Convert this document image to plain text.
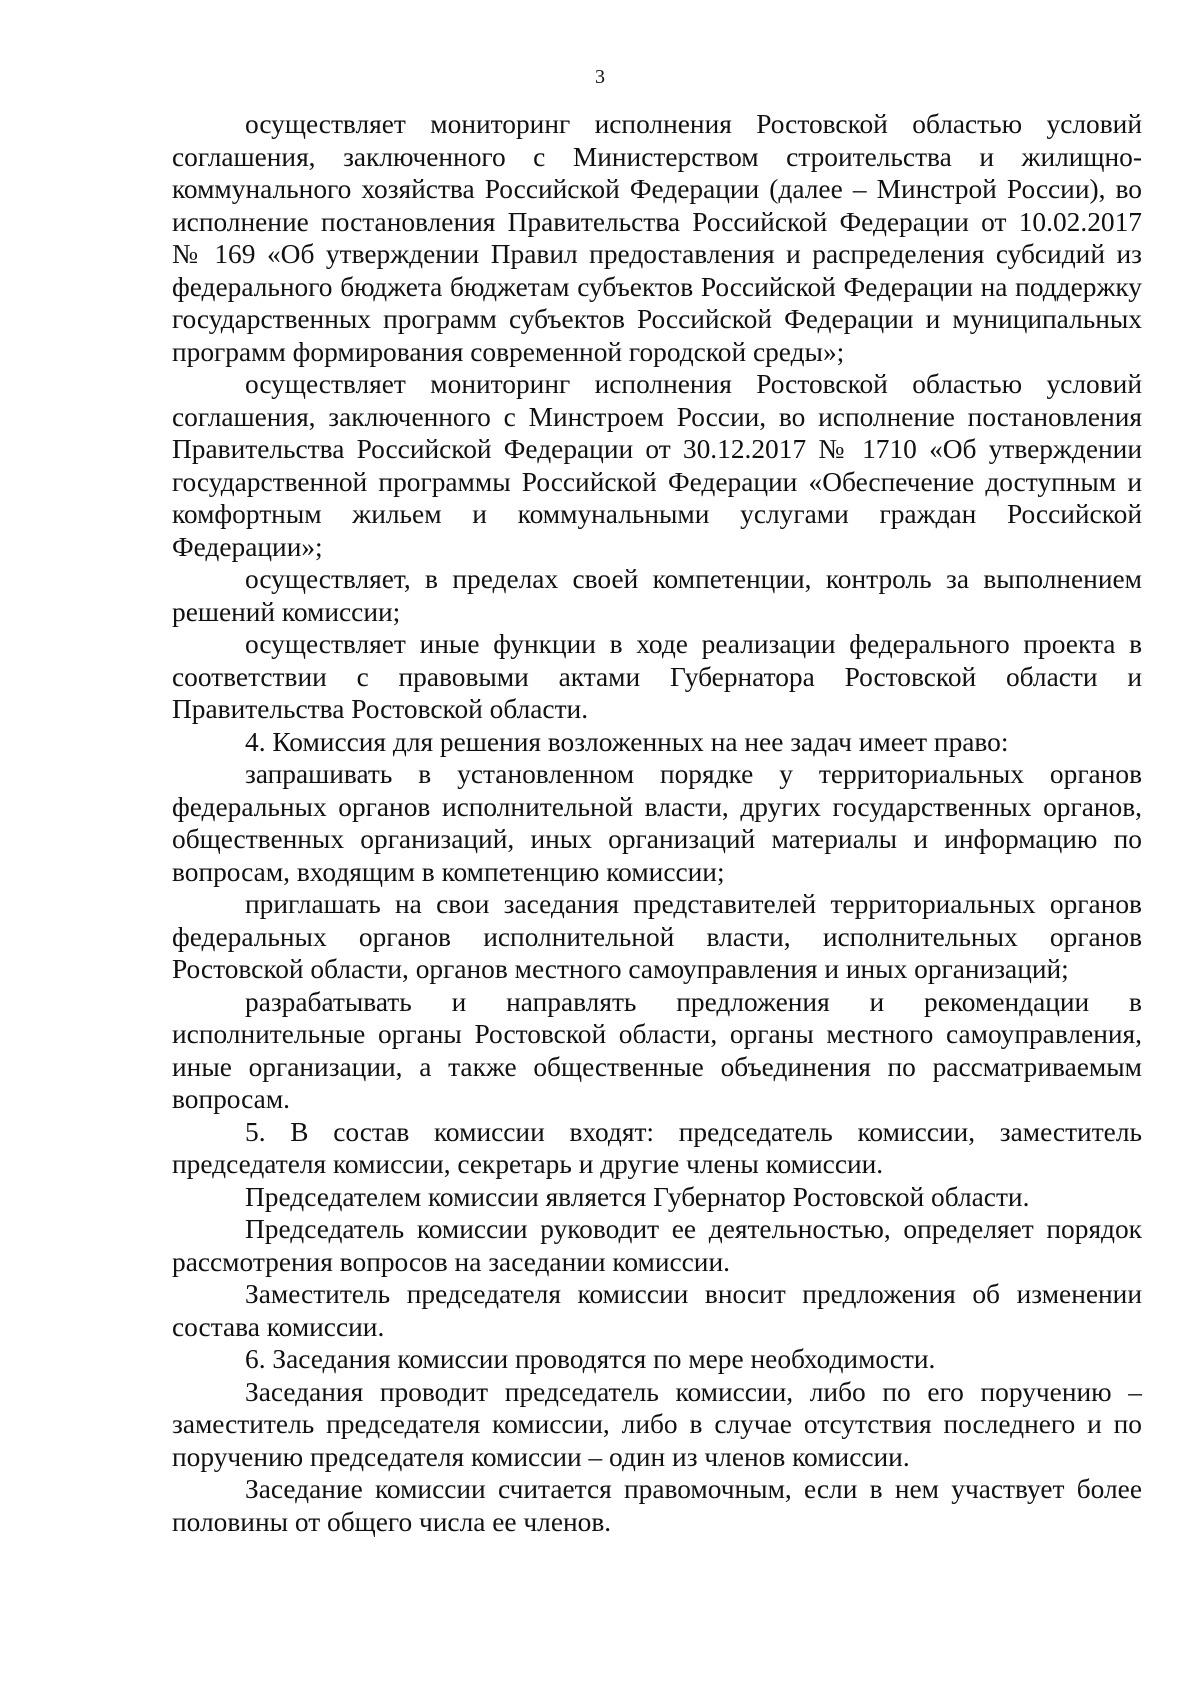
3

осуществляет мониторинг исполнения Ростовской областью условий соглашения, заключенного с Министерством строительства и жилищно-коммунального хозяйства Российской Федерации (далее – Минстрой России), во исполнение постановления Правительства Российской Федерации от 10.02.2017 № 169 «Об утверждении Правил предоставления и распределения субсидий из федерального бюджета бюджетам субъектов Российской Федерации на поддержку государственных программ субъектов Российской Федерации и муниципальных программ формирования современной городской среды»;

осуществляет мониторинг исполнения Ростовской областью условий соглашения, заключенного с Минстроем России, во исполнение постановления Правительства Российской Федерации от 30.12.2017 № 1710 «Об утверждении государственной программы Российской Федерации «Обеспечение доступным и комфортным жильем и коммунальными услугами граждан Российской Федерации»;

осуществляет, в пределах своей компетенции, контроль за выполнением решений комиссии;

осуществляет иные функции в ходе реализации федерального проекта в соответствии с правовыми актами Губернатора Ростовской области и Правительства Ростовской области.

4. Комиссия для решения возложенных на нее задач имеет право:

запрашивать в установленном порядке у территориальных органов федеральных органов исполнительной власти, других государственных органов, общественных организаций, иных организаций материалы и информацию по вопросам, входящим в компетенцию комиссии;

приглашать на свои заседания представителей территориальных органов федеральных органов исполнительной власти, исполнительных органов Ростовской области, органов местного самоуправления и иных организаций;

разрабатывать и направлять предложения и рекомендации в исполнительные органы Ростовской области, органы местного самоуправления, иные организации, а также общественные объединения по рассматриваемым вопросам.

5. В состав комиссии входят: председатель комиссии, заместитель председателя комиссии, секретарь и другие члены комиссии.

Председателем комиссии является Губернатор Ростовской области.

Председатель комиссии руководит ее деятельностью, определяет порядок рассмотрения вопросов на заседании комиссии.

Заместитель председателя комиссии вносит предложения об изменении состава комиссии.

6. Заседания комиссии проводятся по мере необходимости.

Заседания проводит председатель комиссии, либо по его поручению – заместитель председателя комиссии, либо в случае отсутствия последнего и по поручению председателя комиссии – один из членов комиссии.

Заседание комиссии считается правомочным, если в нем участвует более половины от общего числа ее членов.
